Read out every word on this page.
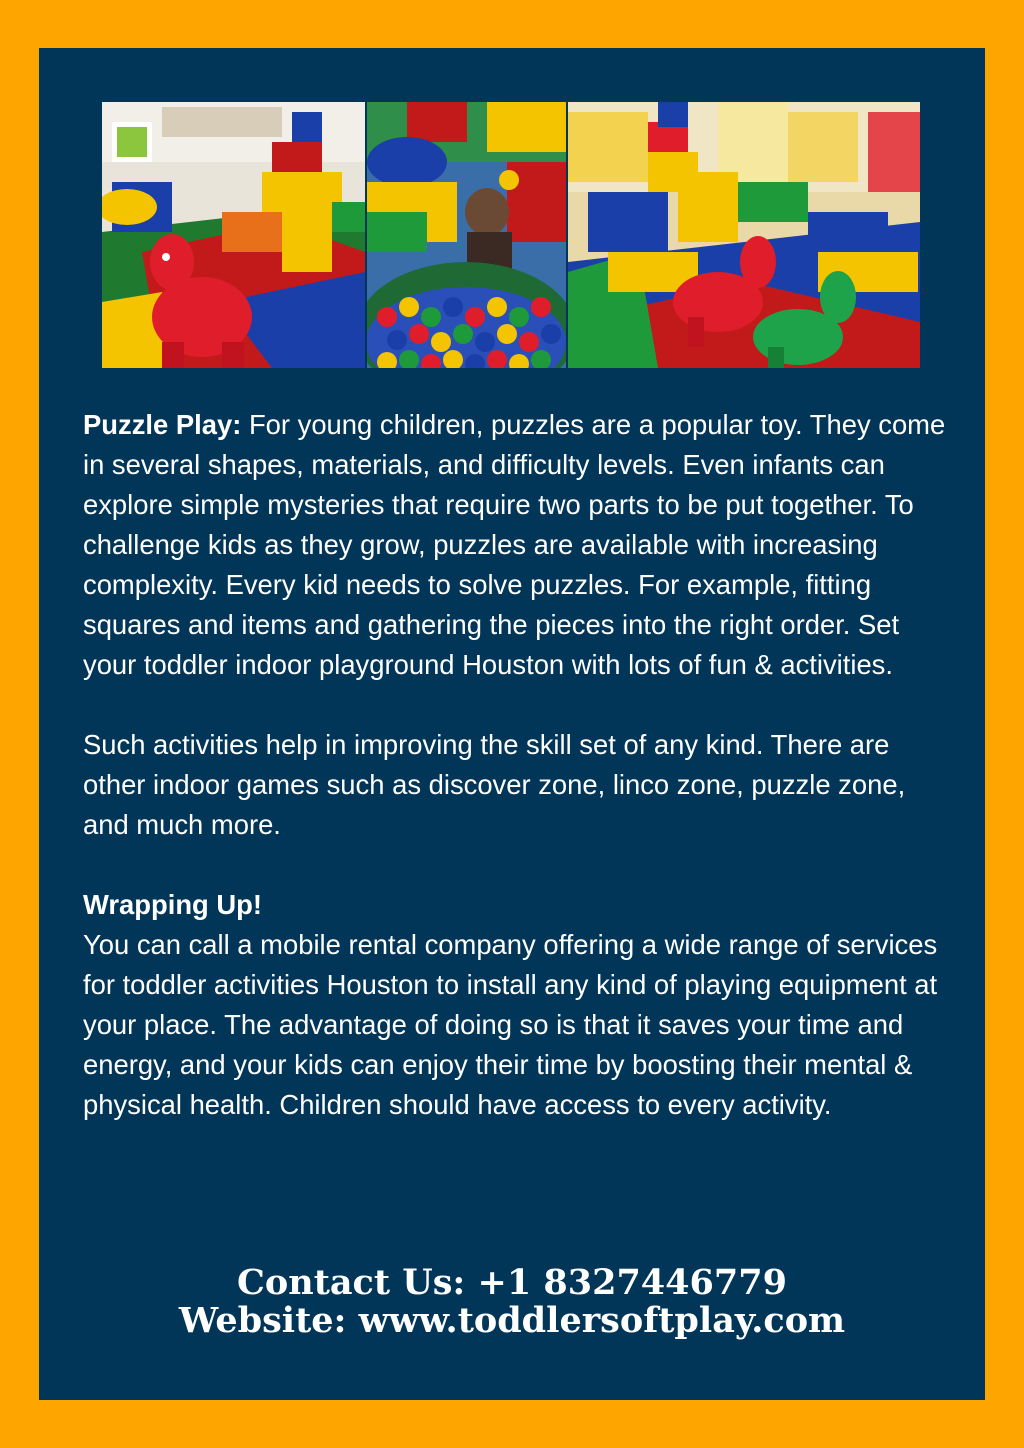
Puzzle Play: For young children, puzzles are a popular toy. They come in several shapes, materials, and difficulty levels. Even infants can explore simple mysteries that require two parts to be put together. To challenge kids as they grow, puzzles are available with increasing complexity. Every kid needs to solve puzzles. For example, fitting squares and items and gathering the pieces into the right order. Set your toddler indoor playground Houston with lots of fun & activities.

Such activities help in improving the skill set of any kind. There are other indoor games such as discover zone, linco zone, puzzle zone, and much more.

Wrapping Up!

You can call a mobile rental company offering a wide range of services for toddler activities Houston to install any kind of playing equipment at your place. The advantage of doing so is that it saves your time and energy, and your kids can enjoy their time by boosting their mental & physical health. Children should have access to every activity.

Contact Us: +1 8327446779
Website: www.toddlersoftplay.com
